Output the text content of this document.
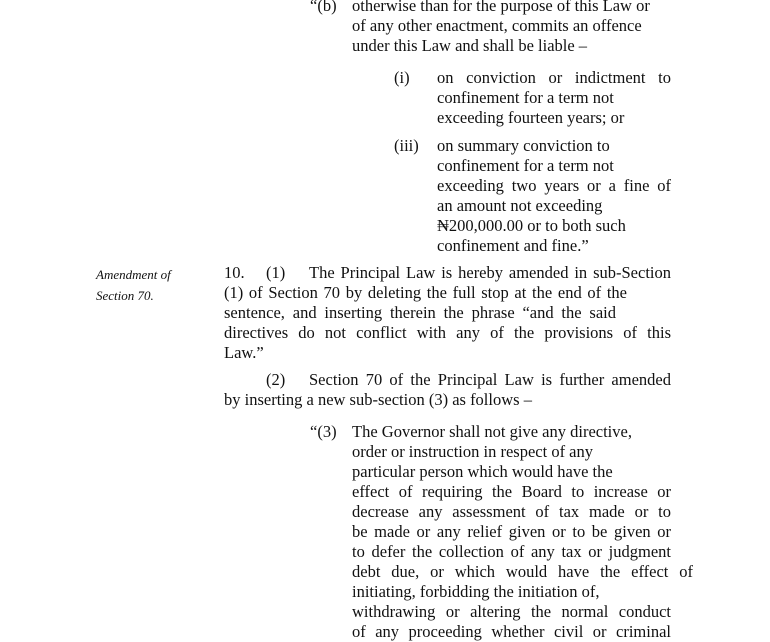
“(b) otherwise than for the purpose of this Law or
of any other enactment, commits an offence
under this Law and shall be liable –
(i) on conviction or indictment to
confinement for a term not
exceeding fourteen years; or
(iii) on summary conviction to
confinement for a term not
exceeding two years or a fine of
an amount not exceeding
₦200,000.00 or to both such
confinement and fine.”
Amendment of
Section 70.
10. (1) The Principal Law is hereby amended in sub-Section
(1) of Section 70 by deleting the full stop at the end of the
sentence, and inserting therein the phrase “and the said
directives do not conflict with any of the provisions of this
Law.”
(2) Section 70 of the Principal Law is further amended
by inserting a new sub-section (3) as follows –
“(3) The Governor shall not give any directive,
order or instruction in respect of any
particular person which would have the
effect of requiring the Board to increase or
decrease any assessment of tax made or to
be made or any relief given or to be given or
to defer the collection of any tax or judgment
debt due, or which would have the effect of
initiating, forbidding the initiation of,
withdrawing or altering the normal conduct
of any proceeding whether civil or criminal
